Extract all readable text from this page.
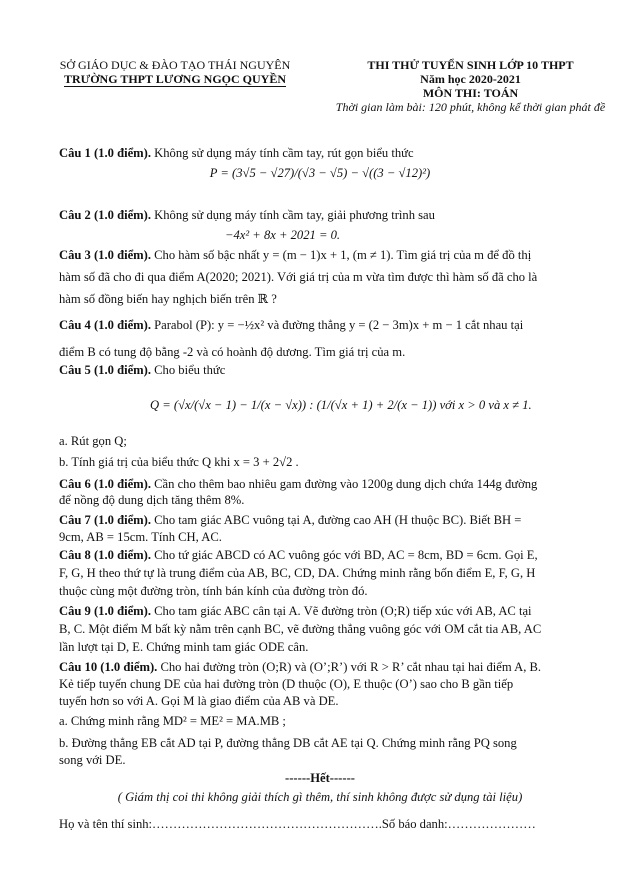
SỞ GIÁO DỤC & ĐÀO TẠO THÁI NGUYÊN
TRƯỜNG THPT LƯƠNG NGỌC QUYỀN
THI THỬ TUYỂN SINH LỚP 10 THPT
Năm học 2020-2021
MÔN THI: TOÁN
Thời gian làm bài: 120 phút, không kể thời gian phát đề
Câu 1 (1.0 điểm). Không sử dụng máy tính cầm tay, rút gọn biểu thức
P = (3√5 − √27)/(√3 − √5) − √((3 − √12)²)
Câu 2 (1.0 điểm). Không sử dụng máy tính cầm tay, giải phương trình sau
−4x² + 8x + 2021 = 0.
Câu 3 (1.0 điểm). Cho hàm số bậc nhất y = (m − 1)x + 1, (m ≠ 1). Tìm giá trị của m để đồ thị
hàm số đã cho đi qua điểm A(2020; 2021). Với giá trị của m vừa tìm được thì hàm số đã cho là
hàm số đồng biến hay nghịch biến trên ℝ ?
Câu 4 (1.0 điểm). Parabol (P): y = −½x² và đường thẳng y = (2 − 3m)x + m − 1 cắt nhau tại
điểm B có tung độ bằng -2 và có hoành độ dương. Tìm giá trị của m.
Câu 5 (1.0 điểm). Cho biểu thức
Q = (√x/(√x − 1) − 1/(x − √x)) : (1/(√x + 1) + 2/(x − 1)) với x > 0 và x ≠ 1.
a. Rút gọn Q;
b. Tính giá trị của biểu thức Q khi x = 3 + 2√2 .
Câu 6 (1.0 điểm). Cần cho thêm bao nhiêu gam đường vào 1200g dung dịch chứa 144g đường
để nồng độ dung dịch tăng thêm 8%.
Câu 7 (1.0 điểm). Cho tam giác ABC vuông tại A, đường cao AH (H thuộc BC). Biết BH =
9cm, AB = 15cm. Tính CH, AC.
Câu 8 (1.0 điểm). Cho tứ giác ABCD có AC vuông góc với BD, AC = 8cm, BD = 6cm. Gọi E,
F, G, H theo thứ tự là trung điểm của AB, BC, CD, DA. Chứng minh rằng bốn điểm E, F, G, H
thuộc cùng một đường tròn, tính bán kính của đường tròn đó.
Câu 9 (1.0 điểm). Cho tam giác ABC cân tại A. Vẽ đường tròn (O;R) tiếp xúc với AB, AC tại
B, C. Một điểm M bất kỳ nằm trên cạnh BC, vẽ đường thẳng vuông góc với OM cắt tia AB, AC
lần lượt tại D, E. Chứng minh tam giác ODE cân.
Câu 10 (1.0 điểm). Cho hai đường tròn (O;R) và (O’;R’) với R > R’ cắt nhau tại hai điểm A, B.
Kẻ tiếp tuyến chung DE của hai đường tròn (D thuộc (O), E thuộc (O’) sao cho B gần tiếp
tuyến hơn so với A. Gọi M là giao điểm của AB và DE.
a. Chứng minh rằng MD² = ME² = MA.MB ;
b. Đường thẳng EB cắt AD tại P, đường thẳng DB cắt AE tại Q. Chứng minh rằng PQ song
song với DE.
------Hết------
( Giám thị coi thi không giải thích gì thêm, thí sinh không được sử dụng tài liệu)
Họ và tên thí sinh:……………………………………………….Số báo danh:…………………
